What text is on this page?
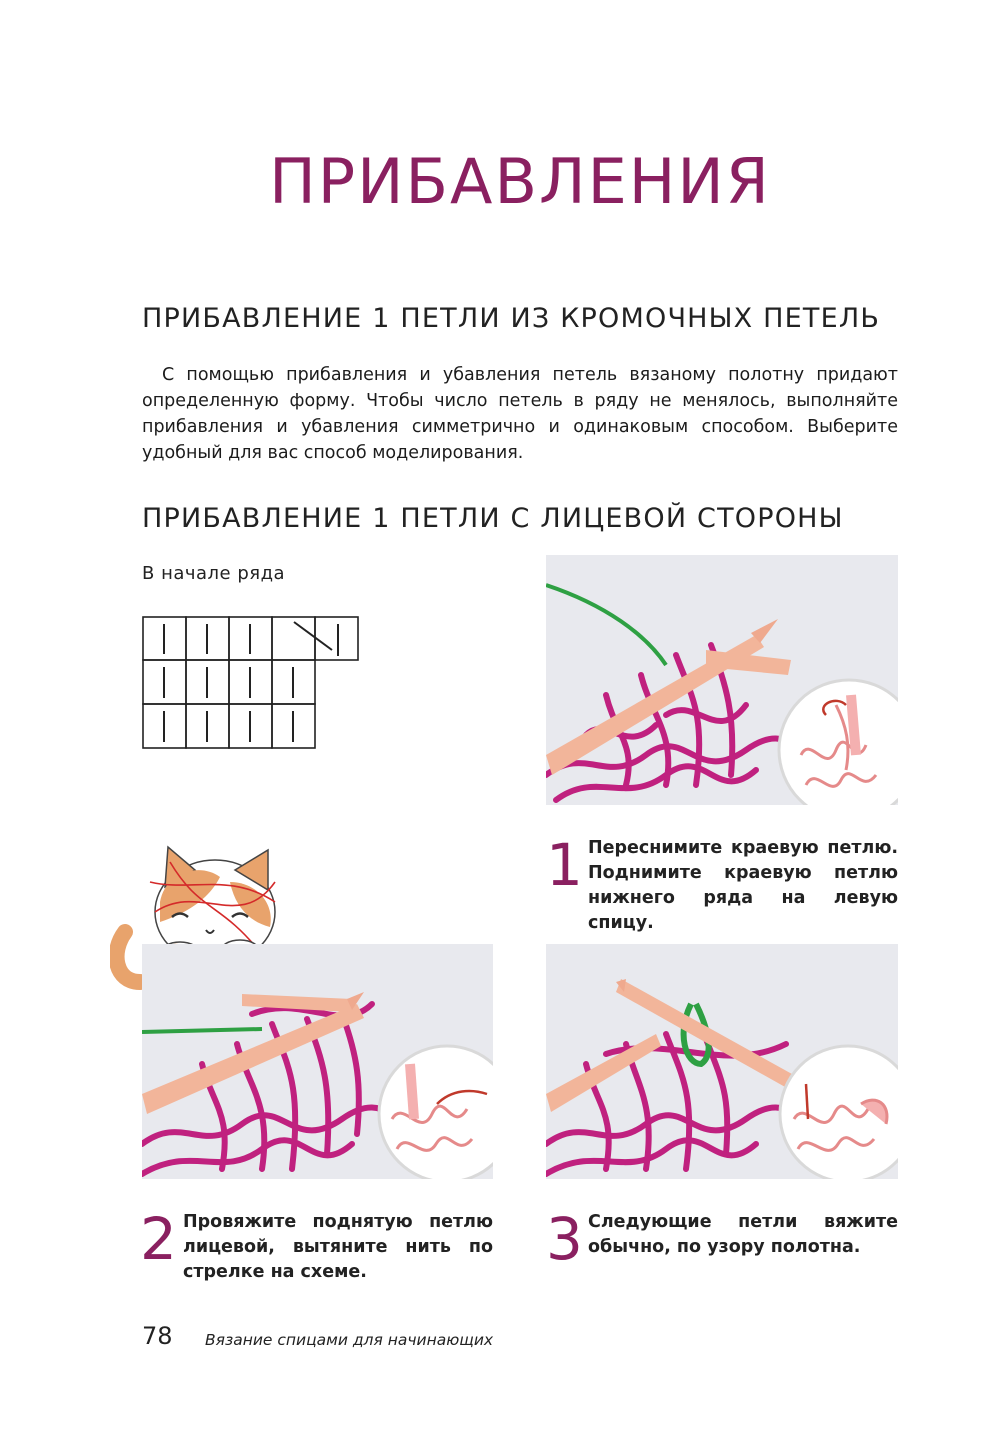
ПРИБАВЛЕНИЯ
ПРИБАВЛЕНИЕ 1 ПЕТЛИ ИЗ КРОМОЧНЫХ ПЕТЕЛЬ

С помощью прибавления и убавления петель вязаному полотну придают определенную форму. Чтобы число петель в ряду не менялось, выполняйте прибавления и убавления симметрично и одинаковым способом. Выберите удобный для вас способ моделирования.

ПРИБАВЛЕНИЕ 1 ПЕТЛИ С ЛИЦЕВОЙ СТОРОНЫ
В начале ряда
1 Переснимите краевую петлю. Поднимите краевую петлю нижнего ряда на левую спицу.
2 Провяжите поднятую петлю лицевой, вытяните нить по стрелке на схеме.	3 Следующие петли вяжите обычно, по узору полотна.
78 Вязание спицами для начинающих
